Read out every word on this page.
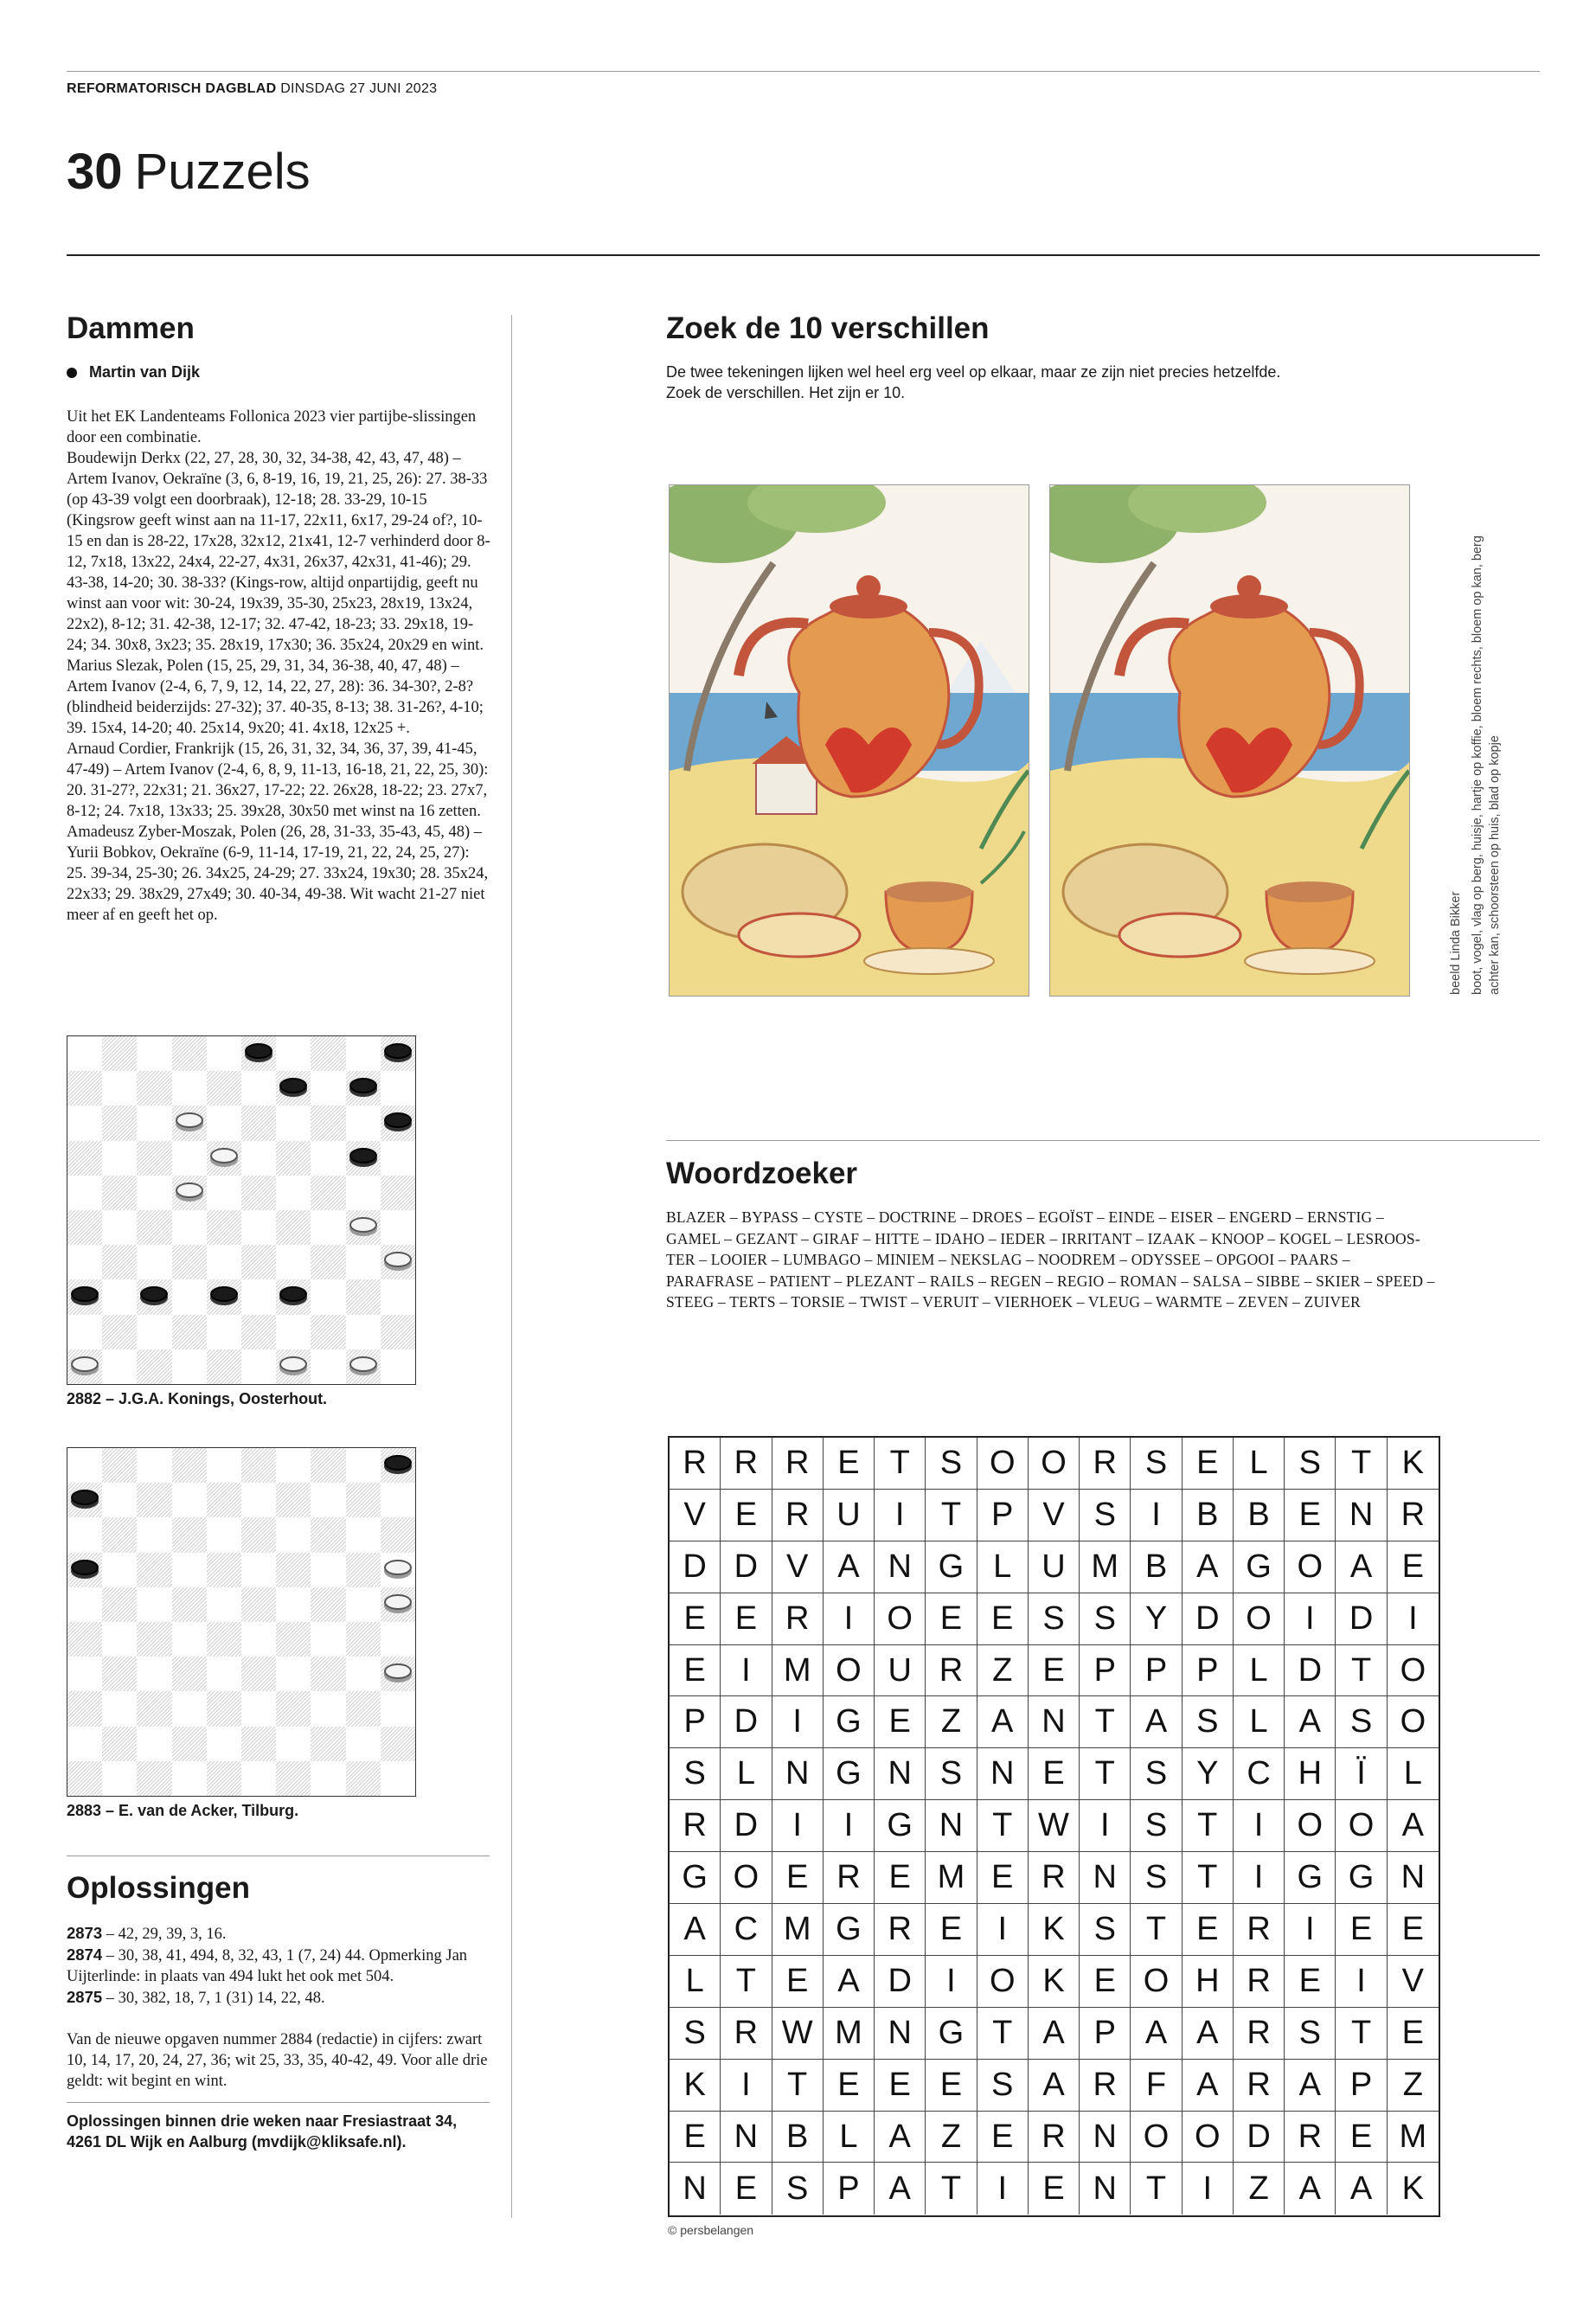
REFORMATORISCH DAGBLAD DINSDAG 27 JUNI 2023
30 Puzzels
Dammen
Martin van Dijk
Uit het EK Landenteams Follonica 2023 vier partijbe-slissingen door een combinatie.
Boudewijn Derkx (22, 27, 28, 30, 32, 34-38, 42, 43, 47, 48) – Artem Ivanov, Oekraïne (3, 6, 8-19, 16, 19, 21, 25, 26): 27. 38-33 (op 43-39 volgt een doorbraak), 12-18; 28. 33-29, 10-15 (Kingsrow geeft winst aan na 11-17, 22x11, 6x17, 29-24 of?, 10-15 en dan is 28-22, 17x28, 32x12, 21x41, 12-7 verhinderd door 8-12, 7x18, 13x22, 24x4, 22-27, 4x31, 26x37, 42x31, 41-46); 29. 43-38, 14-20; 30. 38-33? (Kings-row, altijd onpartijdig, geeft nu winst aan voor wit: 30-24, 19x39, 35-30, 25x23, 28x19, 13x24, 22x2), 8-12; 31. 42-38, 12-17; 32. 47-42, 18-23; 33. 29x18, 19-24; 34. 30x8, 3x23; 35. 28x19, 17x30; 36. 35x24, 20x29 en wint.
Marius Slezak, Polen (15, 25, 29, 31, 34, 36-38, 40, 47, 48) – Artem Ivanov (2-4, 6, 7, 9, 12, 14, 22, 27, 28): 36. 34-30?, 2-8? (blindheid beiderzijds: 27-32); 37. 40-35, 8-13; 38. 31-26?, 4-10; 39. 15x4, 14-20; 40. 25x14, 9x20; 41. 4x18, 12x25 +.
Arnaud Cordier, Frankrijk (15, 26, 31, 32, 34, 36, 37, 39, 41-45, 47-49) – Artem Ivanov (2-4, 6, 8, 9, 11-13, 16-18, 21, 22, 25, 30): 20. 31-27?, 22x31; 21. 36x27, 17-22; 22. 26x28, 18-22; 23. 27x7, 8-12; 24. 7x18, 13x33; 25. 39x28, 30x50 met winst na 16 zetten.
Amadeusz Zyber-Moszak, Polen (26, 28, 31-33, 35-43, 45, 48) – Yurii Bobkov, Oekraïne (6-9, 11-14, 17-19, 21, 22, 24, 25, 27): 25. 39-34, 25-30; 26. 34x25, 24-29; 27. 33x24, 19x30; 28. 35x24, 22x33; 29. 38x29, 27x49; 30. 40-34, 49-38. Wit wacht 21-27 niet meer af en geeft het op.
2882 – J.G.A. Konings, Oosterhout.
2883 – E. van de Acker, Tilburg.
Oplossingen
2873 – 42, 29, 39, 3, 16.
2874 – 30, 38, 41, 494, 8, 32, 43, 1 (7, 24) 44. Opmerking Jan Uijterlinde: in plaats van 494 lukt het ook met 504.
2875 – 30, 382, 18, 7, 1 (31) 14, 22, 48.
Van de nieuwe opgaven nummer 2884 (redactie) in cijfers: zwart 10, 14, 17, 20, 24, 27, 36; wit 25, 33, 35, 40-42, 49. Voor alle drie geldt: wit begint en wint.
Oplossingen binnen drie weken naar Fresiastraat 34, 4261 DL Wijk en Aalburg (mvdijk@kliksafe.nl).
Zoek de 10 verschillen
De twee tekeningen lijken wel heel erg veel op elkaar, maar ze zijn niet precies hetzelfde.
Zoek de verschillen. Het zijn er 10.
beeld Linda Bikker boot, vogel, vlag op berg, huisje, hartje op koffie, bloem rechts, bloem op kan, berg achter kan, schoorsteen op huis, blad op kopje
Woordzoeker
BLAZER – BYPASS – CYSTE – DOCTRINE – DROES – EGOÏST – EINDE – EISER – ENGERD – ERNSTIG –
GAMEL – GEZANT – GIRAF – HITTE – IDAHO – IEDER – IRRITANT – IZAAK – KNOOP – KOGEL – LESROOS-
TER – LOOIER – LUMBAGO – MINIEM – NEKSLAG – NOODREM – ODYSSEE – OPGOOI – PAARS –
PARAFRASE – PATIENT – PLEZANT – RAILS – REGEN – REGIO – ROMAN – SALSA – SIBBE – SKIER – SPEED –
STEEG – TERTS – TORSIE – TWIST – VERUIT – VIERHOEK – VLEUG – WARMTE – ZEVEN – ZUIVER
R R R E T S O O R S E L S T K
V E R U	I	T P V S	I	B B E N R
D D V A N G L U M B A G O A E
E E R	I	O E E S S Y D O	I	D	I
E	I	M O U R Z E P P P L D T O
P D	I	G E Z A N T A S L A S O
S L N G N S N E T S Y C H	Ï	L
R D	I	I	G N T W I	S T	I	O O A
G O E R E M E R N S T	I	G G N
A C M G R E	I	K S T E R	I	E E
L T E A D	I	O K E O H R E	I	V
S R W M N G T A P A A R S T E
K	I	T E E E S A R F A R A P Z
E N B L A Z E R N O O D R E M
N E S P A T	I	E N T	I	Z A A K
© persbelangen
